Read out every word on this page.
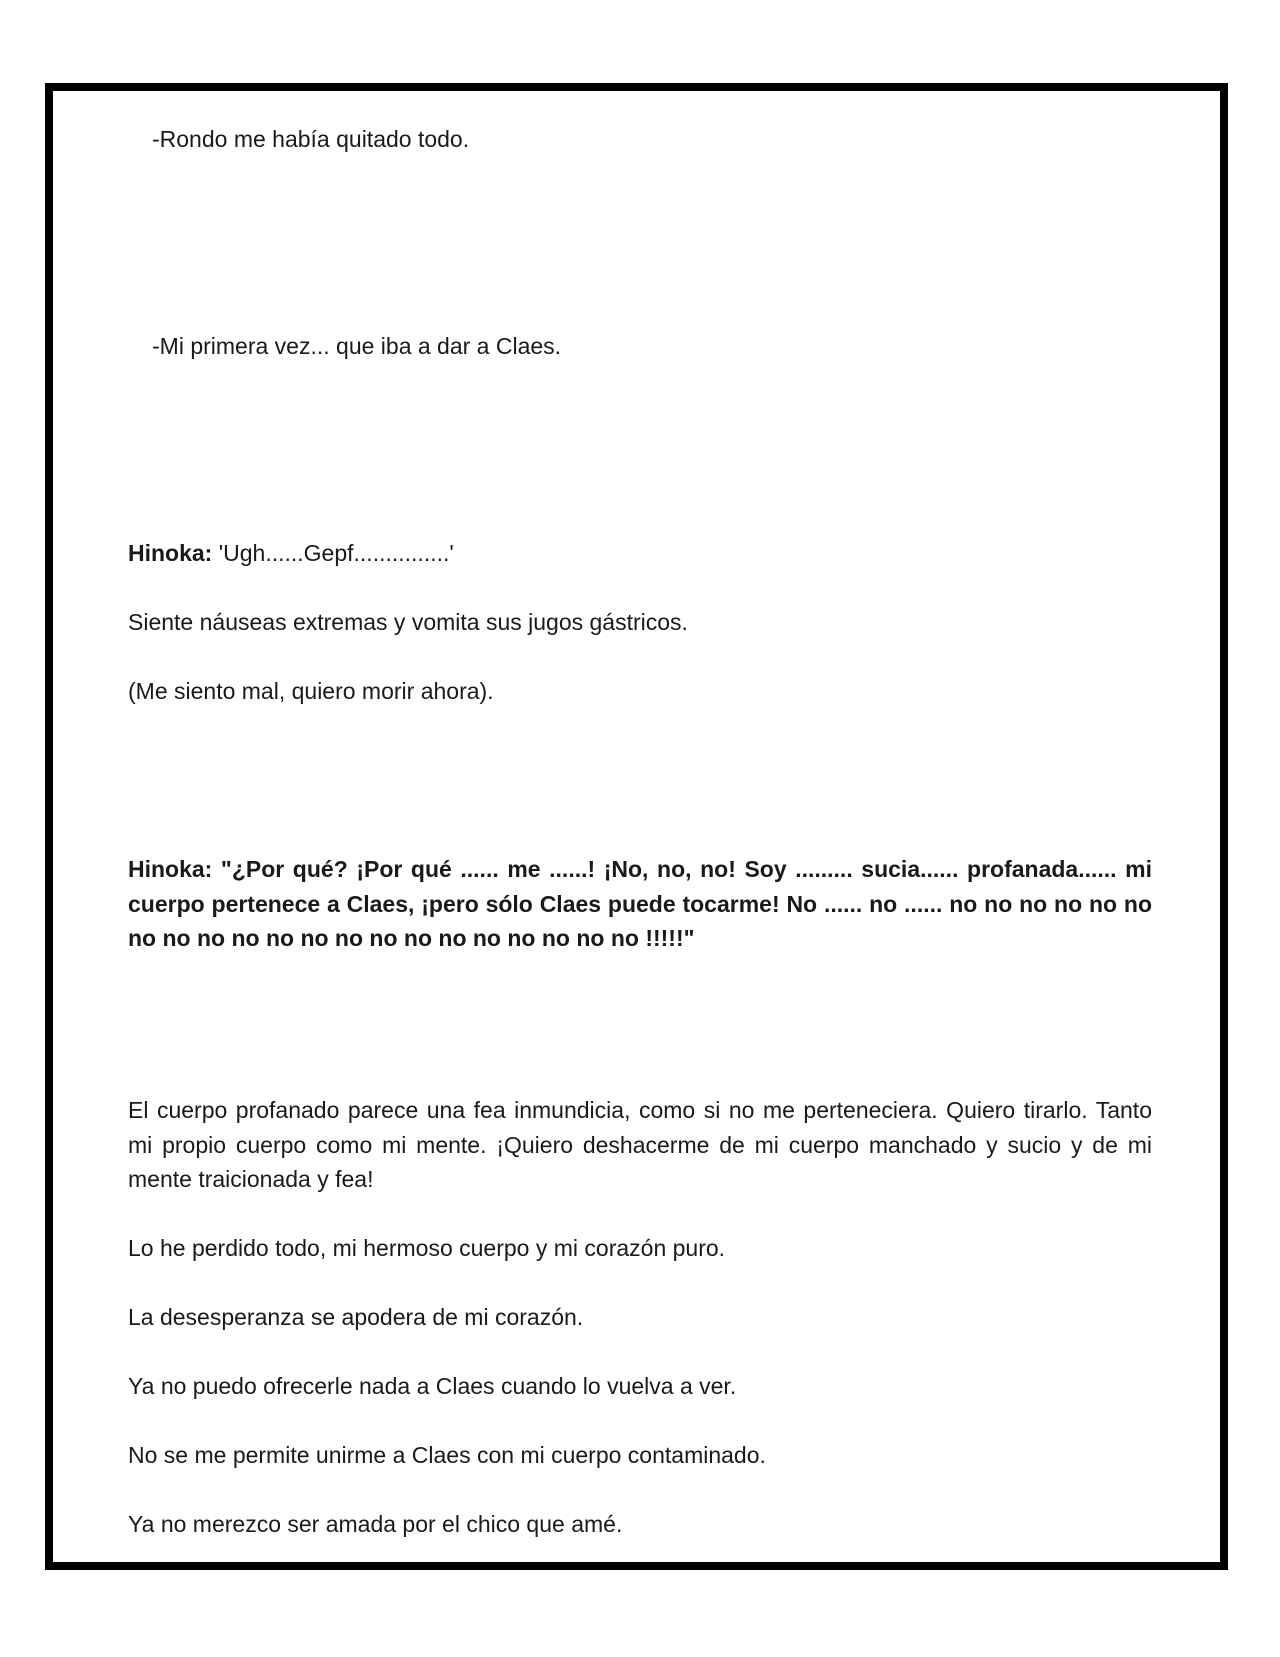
-Rondo me había quitado todo.

-Mi primera vez... que iba a dar a Claes.

Hinoka: 'Ugh......Gepf...............'

Siente náuseas extremas y vomita sus jugos gástricos.

(Me siento mal, quiero morir ahora).

Hinoka: "¿Por qué? ¡Por qué ...... me ......! ¡No, no, no! Soy ......... sucia...... profanada...... mi cuerpo pertenece a Claes, ¡pero sólo Claes puede tocarme! No ...... no ...... no no no no no no no no no no no no no no no no no no no no no !!!!!"

El cuerpo profanado parece una fea inmundicia, como si no me perteneciera. Quiero tirarlo. Tanto mi propio cuerpo como mi mente. ¡Quiero deshacerme de mi cuerpo manchado y sucio y de mi mente traicionada y fea!

Lo he perdido todo, mi hermoso cuerpo y mi corazón puro.

La desesperanza se apodera de mi corazón.

Ya no puedo ofrecerle nada a Claes cuando lo vuelva a ver.

No se me permite unirme a Claes con mi cuerpo contaminado.

Ya no merezco ser amada por el chico que amé.
